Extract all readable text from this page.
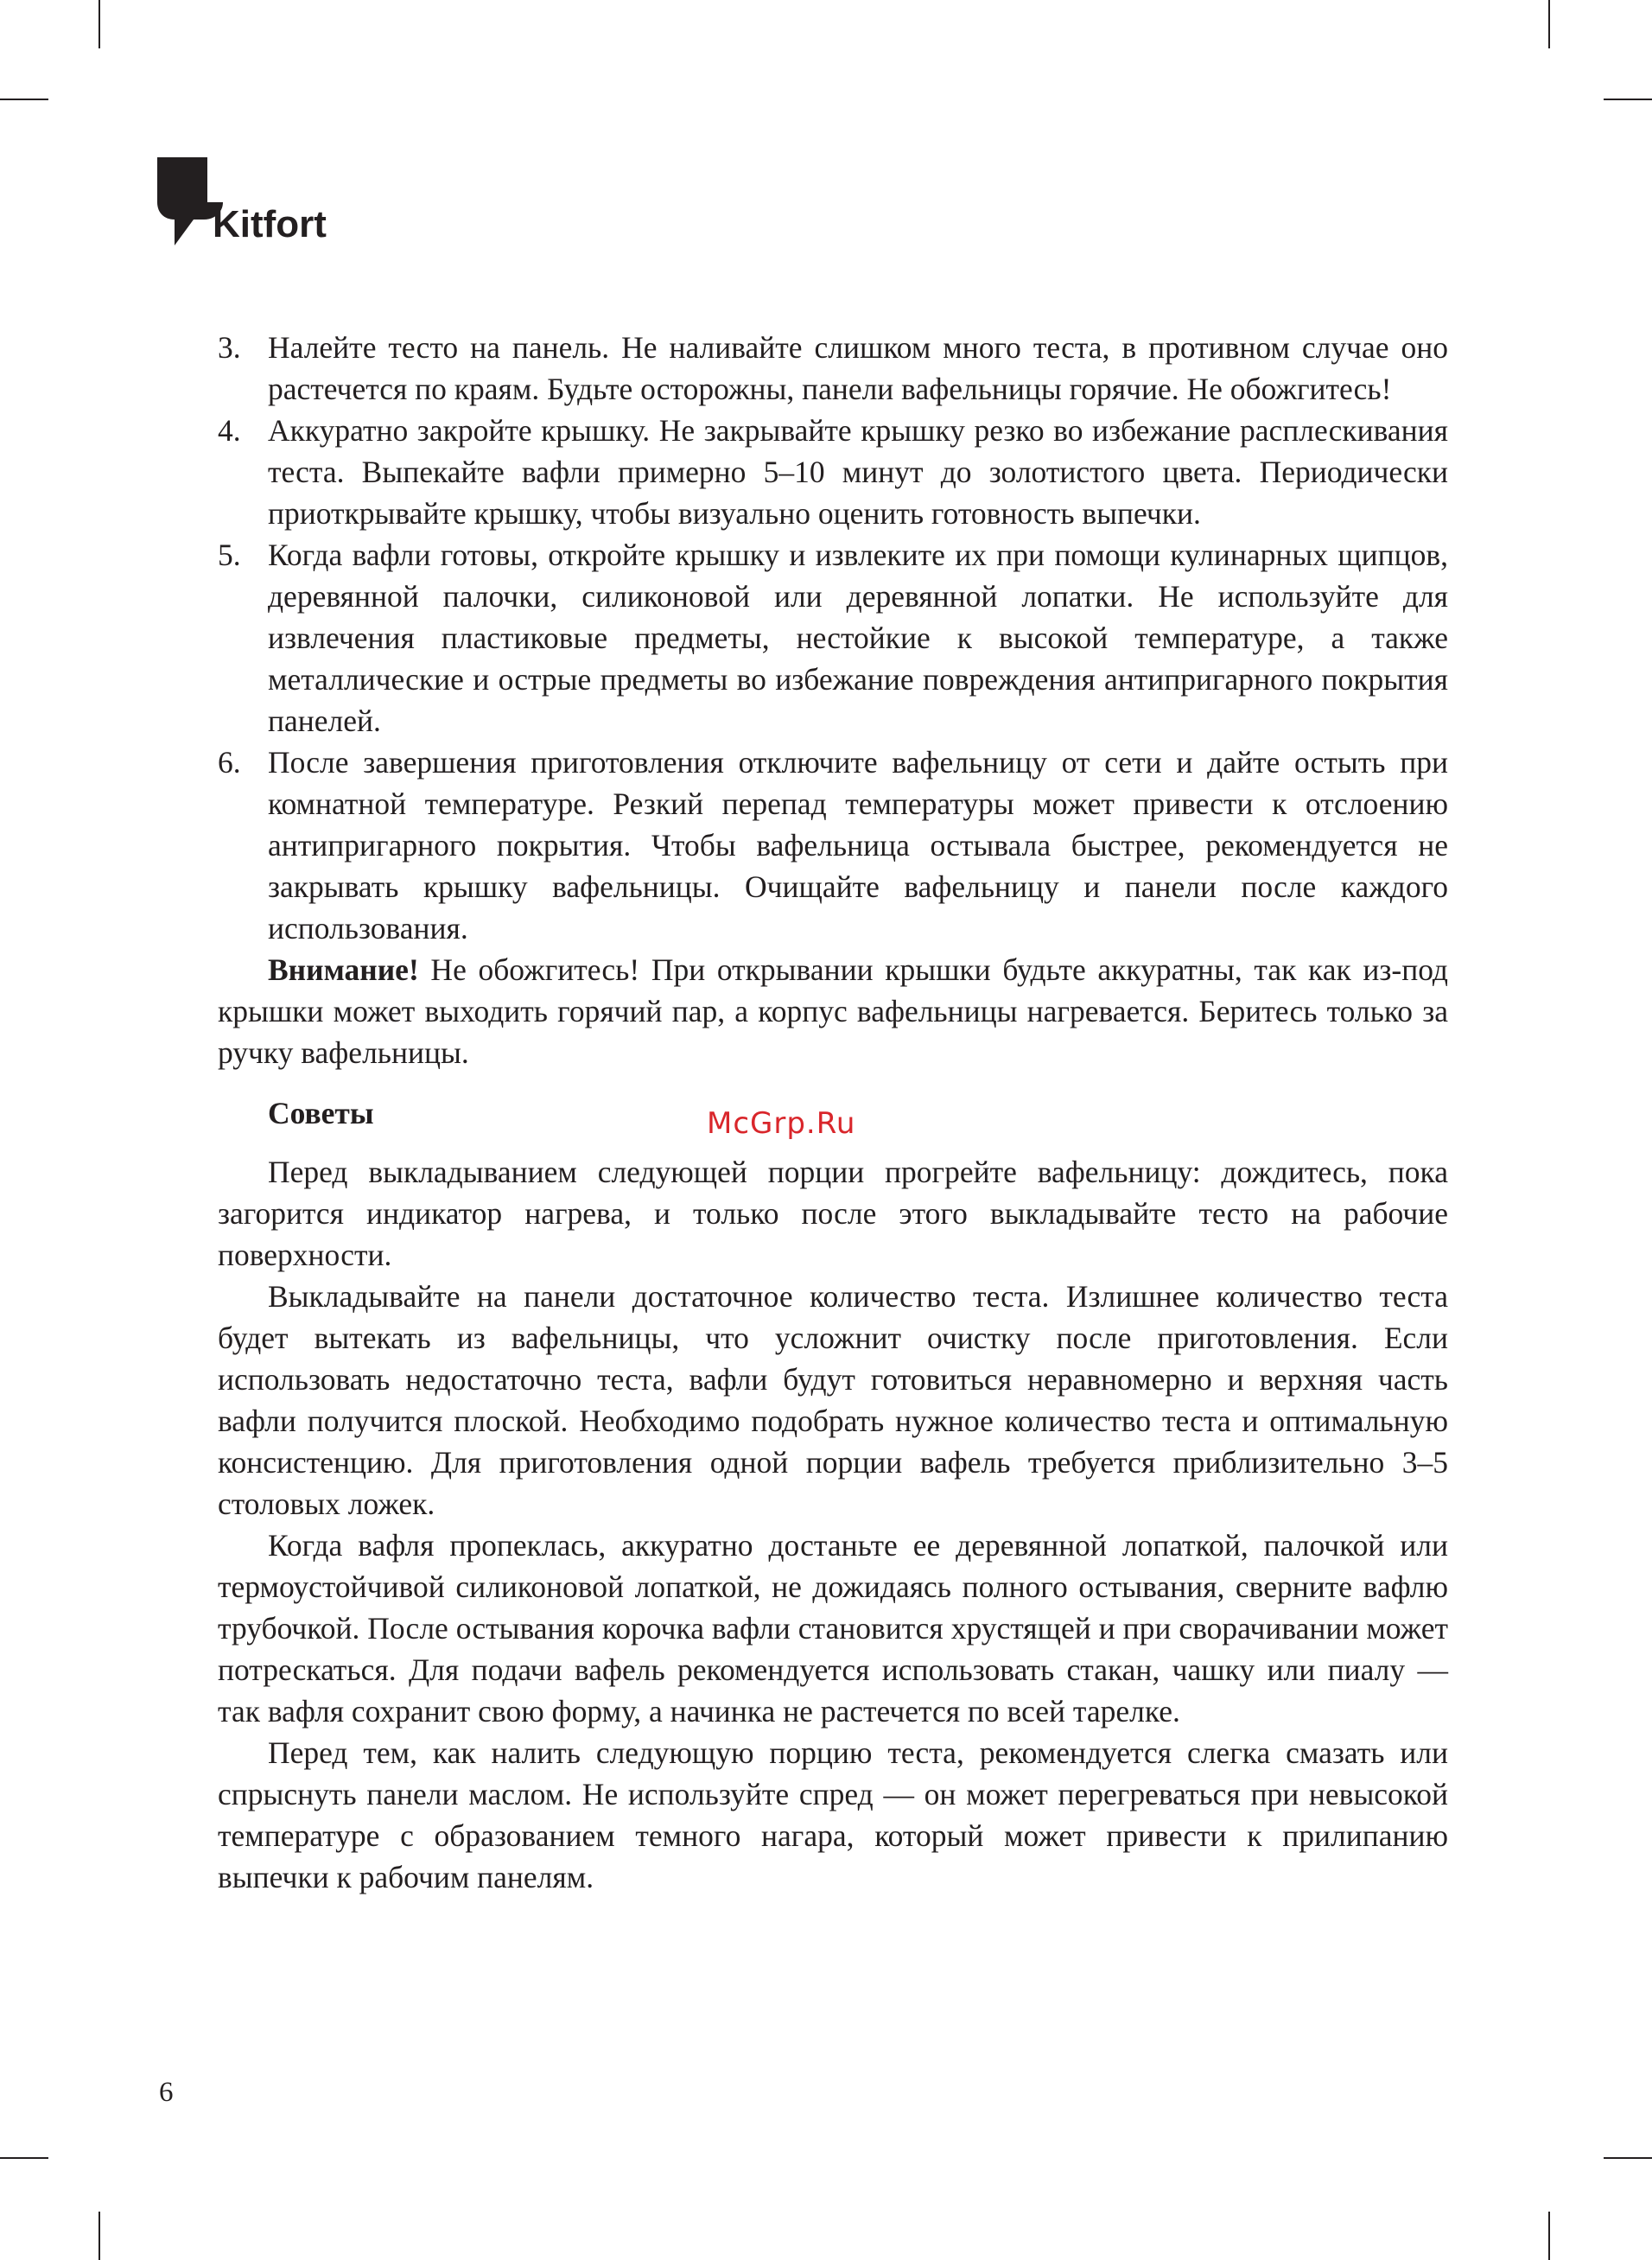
Kitfort
3. Налейте тесто на панель. Не наливайте слишком много теста, в противном случае оно растечется по краям. Будьте осторожны, панели вафельницы горячие. Не обожгитесь!
4. Аккуратно закройте крышку. Не закрывайте крышку резко во избежание расплескивания теста. Выпекайте вафли примерно 5–10 минут до золотистого цвета. Периодически приоткрывайте крышку, чтобы визуально оценить готовность выпечки.
5. Когда вафли готовы, откройте крышку и извлеките их при помощи кулинарных щипцов, деревянной палочки, силиконовой или деревянной лопатки. Не используйте для извлечения пластиковые предметы, нестойкие к высокой температуре, а также металлические и острые предметы во избежание повреждения антипригарного покрытия панелей.
6. После завершения приготовления отключите вафельницу от сети и дайте остыть при комнатной температуре. Резкий перепад температуры может привести к отслоению антипригарного покрытия. Чтобы вафельница остывала быстрее, рекомендуется не закрывать крышку вафельницы. Очищайте вафельницу и панели после каждого использования.

Внимание! Не обожгитесь! При открывании крышки будьте аккуратны, так как из-под крышки может выходить горячий пар, а корпус вафельницы нагревается. Беритесь только за ручку вафельницы.

Советы

Перед выкладыванием следующей порции прогрейте вафельницу: дождитесь, пока загорится индикатор нагрева, и только после этого выкладывайте тесто на рабочие поверхности.

Выкладывайте на панели достаточное количество теста. Излишнее количество теста будет вытекать из вафельницы, что усложнит очистку после приготовления. Если использовать недостаточно теста, вафли будут готовиться неравномерно и верхняя часть вафли получится плоской. Необходимо подобрать нужное количество теста и оптимальную консистенцию. Для приготовления одной порции вафель требуется приблизительно 3–5 столовых ложек.

Когда вафля пропеклась, аккуратно достаньте ее деревянной лопаткой, палочкой или термоустойчивой силиконовой лопаткой, не дожидаясь полного остывания, сверните вафлю трубочкой. После остывания корочка вафли становится хрустящей и при сворачивании может потрескаться. Для подачи вафель рекомендуется использовать стакан, чашку или пиалу — так вафля сохранит свою форму, а начинка не растечется по всей тарелке.

Перед тем, как налить следующую порцию теста, рекомендуется слегка смазать или спрыснуть панели маслом. Не используйте спред — он может перегреваться при невысокой температуре с образованием темного нагара, который может привести к прилипанию выпечки к рабочим панелям.

McGrp.Ru
6
